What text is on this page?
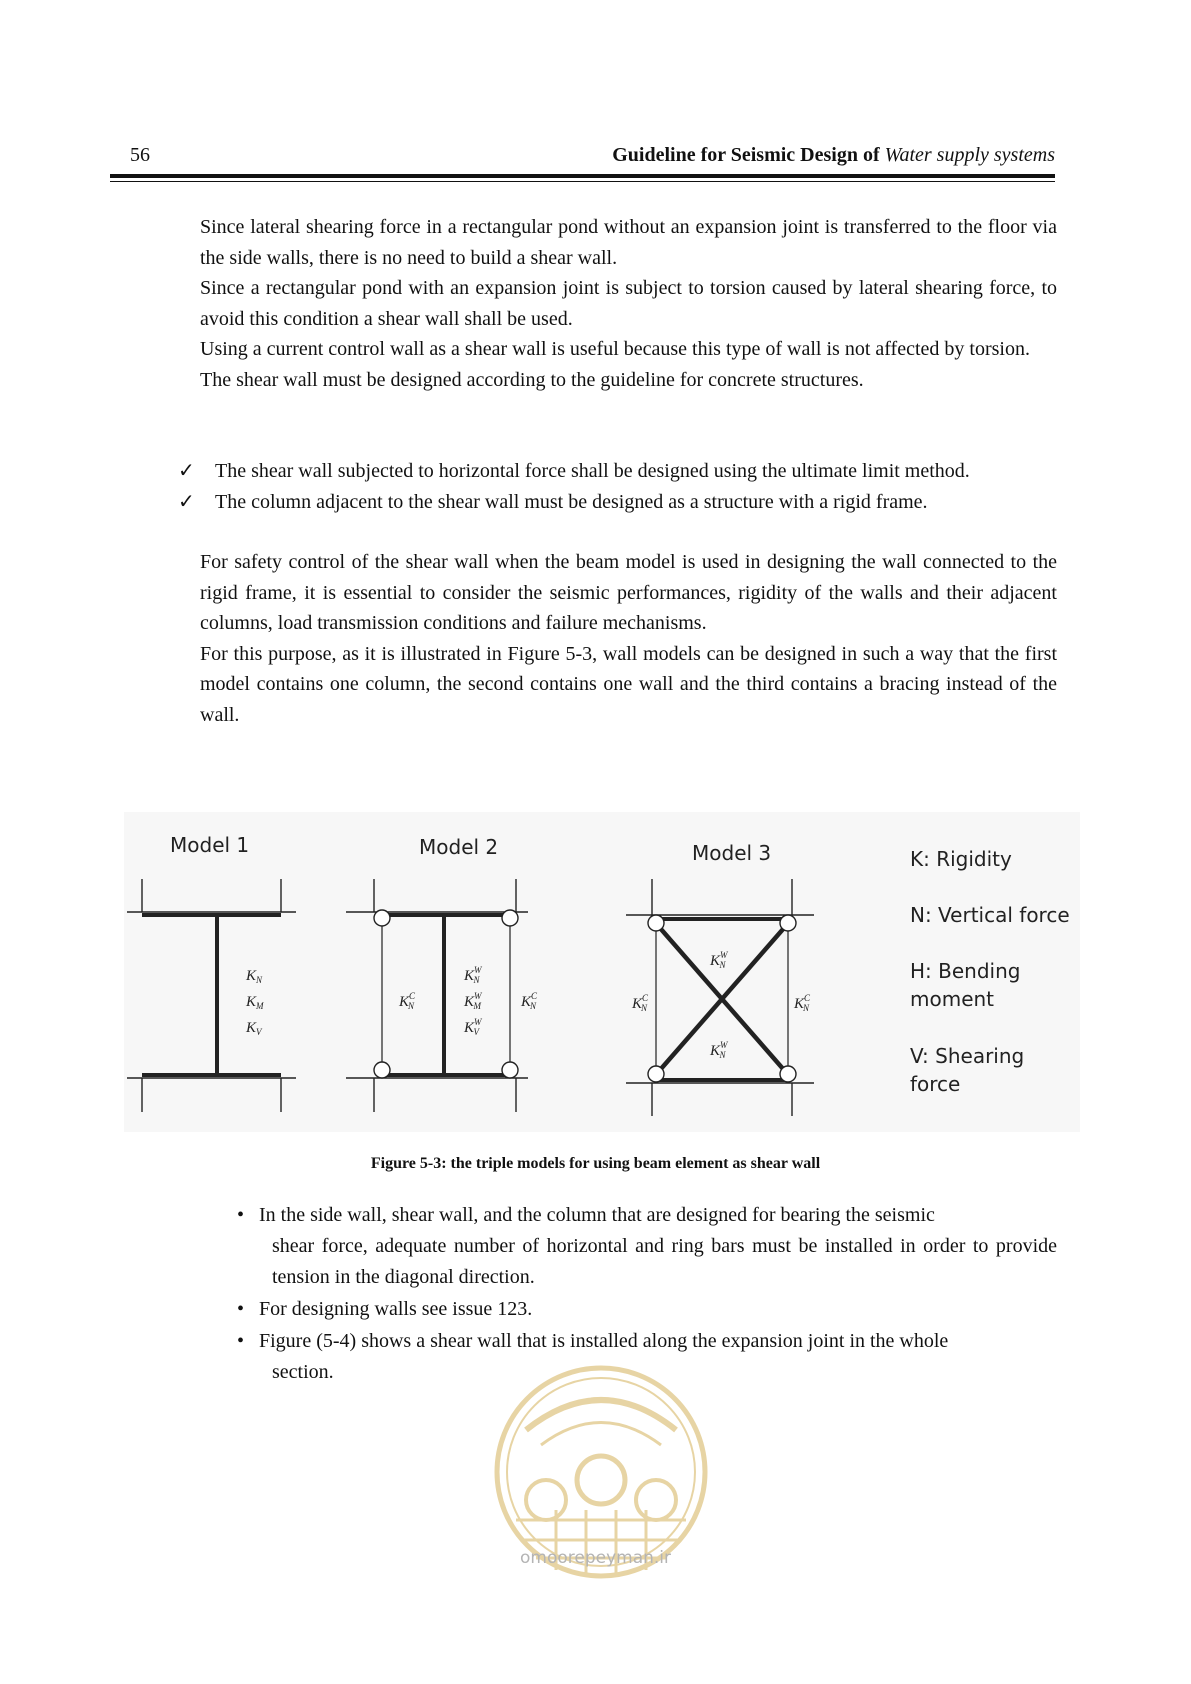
56	Guideline for Seismic Design of Water supply systems

Since lateral shearing force in a rectangular pond without an expansion joint is transferred to the floor via the side walls, there is no need to build a shear wall.

Since a rectangular pond with an expansion joint is subject to torsion caused by lateral shearing force, to avoid this condition a shear wall shall be used.

Using a current control wall as a shear wall is useful because this type of wall is not affected by torsion.

The shear wall must be designed according to the guideline for concrete structures.

✓ The shear wall subjected to horizontal force shall be designed using the ultimate limit method.
✓ The column adjacent to the shear wall must be designed as a structure with a rigid frame.

For safety control of the shear wall when the beam model is used in designing the wall connected to the rigid frame, it is essential to consider the seismic performances, rigidity of the walls and their adjacent columns, load transmission conditions and failure mechanisms.

For this purpose, as it is illustrated in Figure 5-3, wall models can be designed in such a way that the first model contains one column, the second contains one wall and the third contains a bracing instead of the wall.

Model 1
$K_N$
$K_M$
$K_V$
Model 2
$K^C$ N
$K^W$ N
$K^W$ M
$K^W$ V
$K^C$ N
Model 3
$K^W$ N
$K^C$ N	$K^C$ N
$K^W$ N
K: Rigidity
N: Vertical force
H: Bending
moment
V: Shearing
force
Figure 5-3: the triple models for using beam element as shear wall
• In the side wall, shear wall, and the column that are designed for bearing the seismic
shear force, adequate number of horizontal and ring bars must be installed in order to provide tension in the diagonal direction.
• For designing walls see issue 123.
• Figure (5-4) shows a shear wall that is installed along the expansion joint in the whole
section.
omoorepeyman.ir
